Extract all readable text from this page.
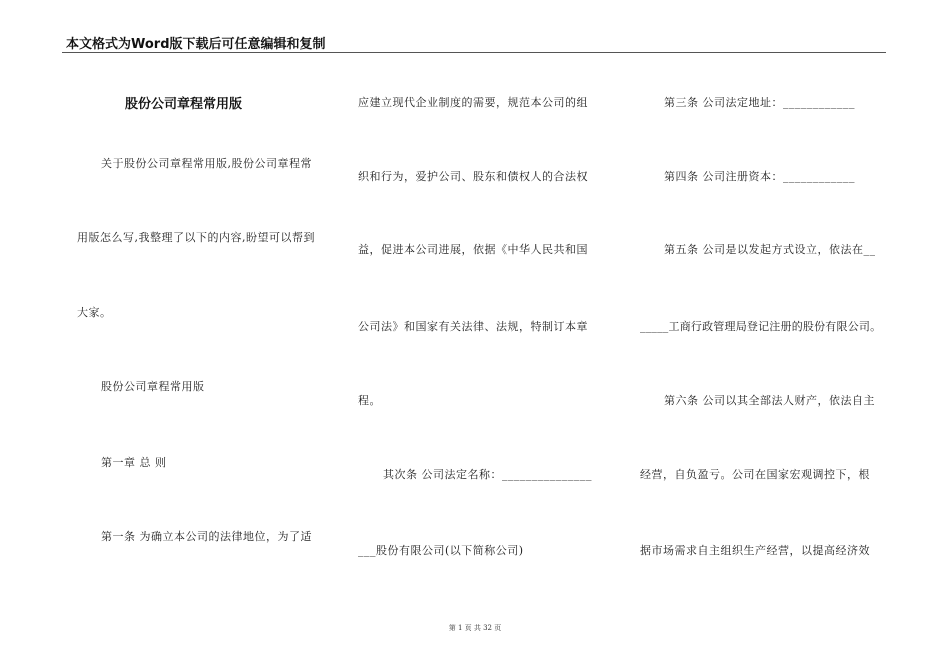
本文格式为Word版下载后可任意编辑和复制
股份公司章程常用版
关于股份公司章程常用版,股份公司章程常
用版怎么写,我整理了以下的内容,盼望可以帮到
大家。
股份公司章程常用版
第一章 总 则
第一条 为确立本公司的法律地位，为了适
应建立现代企业制度的需要，规范本公司的组
织和行为，爱护公司、股东和债权人的合法权
益，促进本公司进展，依据《中华人民共和国
公司法》和国家有关法律、法规，特制订本章
程。
其次条 公司法定名称：_______________
___股份有限公司(以下简称公司)
第三条 公司法定地址：____________
第四条 公司注册资本：____________
第五条 公司是以发起方式设立，依法在__
_____工商行政管理局登记注册的股份有限公司。
第六条 公司以其全部法人财产，依法自主
经营，自负盈亏。公司在国家宏观调控下，根
据市场需求自主组织生产经营，以提高经济效
第 1 页 共 32 页
